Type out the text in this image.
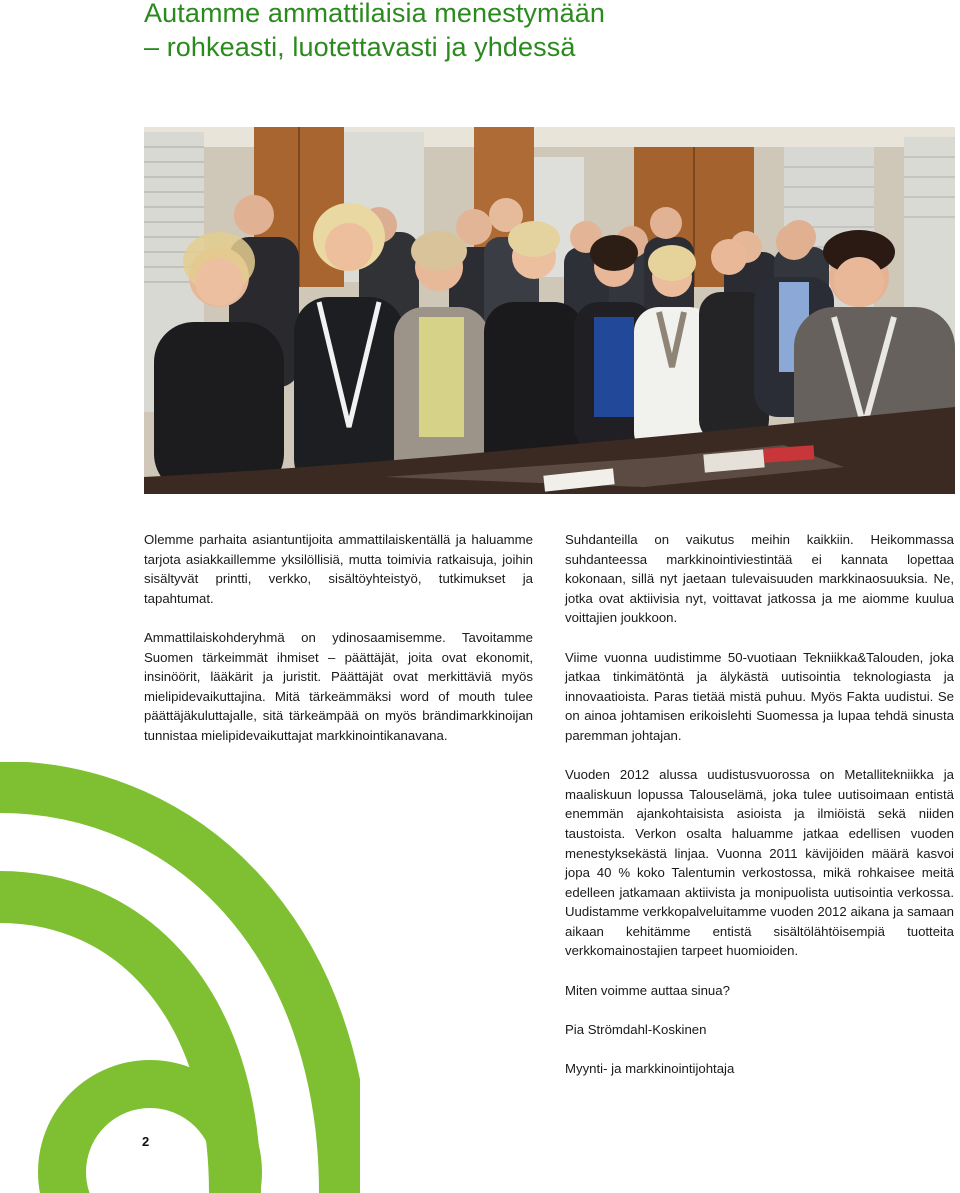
Autamme ammattilaisia menestymään
– rohkeasti, luotettavasti ja yhdessä

Olemme parhaita asiantuntijoita ammattilaiskentällä ja haluamme tarjota asiakkaillemme yksilöllisiä, mutta toimivia ratkaisuja, joihin sisältyvät printti, verkko, sisältöyhteistyö, tutkimukset ja tapahtumat.

Ammattilaiskohderyhmä on ydinosaamisemme. Tavoitamme Suomen tärkeimmät ihmiset – päättäjät, joita ovat ekonomit, insinöörit, lääkärit ja juristit. Päättäjät ovat merkittäviä myös mielipidevaikuttajina. Mitä tärkeämmäksi word of mouth tulee päättäjäkuluttajalle, sitä tärkeämpää on myös brändimarkkinoijan tunnistaa mielipidevaikuttajat markkinointikanavana.

Suhdanteilla on vaikutus meihin kaikkiin. Heikommassa suhdanteessa markkinointiviestintää ei kannata lopettaa kokonaan, sillä nyt jaetaan tulevaisuuden markkinaosuuksia. Ne, jotka ovat aktiivisia nyt, voittavat jatkossa ja me aiomme kuulua voittajien joukkoon.

Viime vuonna uudistimme 50-vuotiaan Tekniikka&Talouden, joka jatkaa tinkimätöntä ja älykästä uutisointia teknologiasta ja innovaatioista. Paras tietää mistä puhuu. Myös Fakta uudistui. Se on ainoa johtamisen erikoislehti Suomessa ja lupaa tehdä sinusta paremman johtajan.

Vuoden 2012 alussa uudistusvuorossa on Metallitekniikka ja maaliskuun lopussa Talouselämä, joka tulee uutisoimaan entistä enemmän ajankohtaisista asioista ja ilmiöistä sekä niiden taustoista. Verkon osalta haluamme jatkaa edellisen vuoden menestyksekästä linjaa. Vuonna 2011 kävijöiden määrä kasvoi jopa 40 % koko Talentumin verkostossa, mikä rohkaisee meitä edelleen jatkamaan aktiivista ja monipuolista uutisointia verkossa. Uudistamme verkkopalveluitamme vuoden 2012 aikana ja samaan aikaan kehitämme entistä sisältölähtöisempiä tuotteita verkkomainostajien tarpeet huomioiden.

Miten voimme auttaa sinua?

Pia Strömdahl-Koskinen

Myynti- ja markkinointijohtaja

2
